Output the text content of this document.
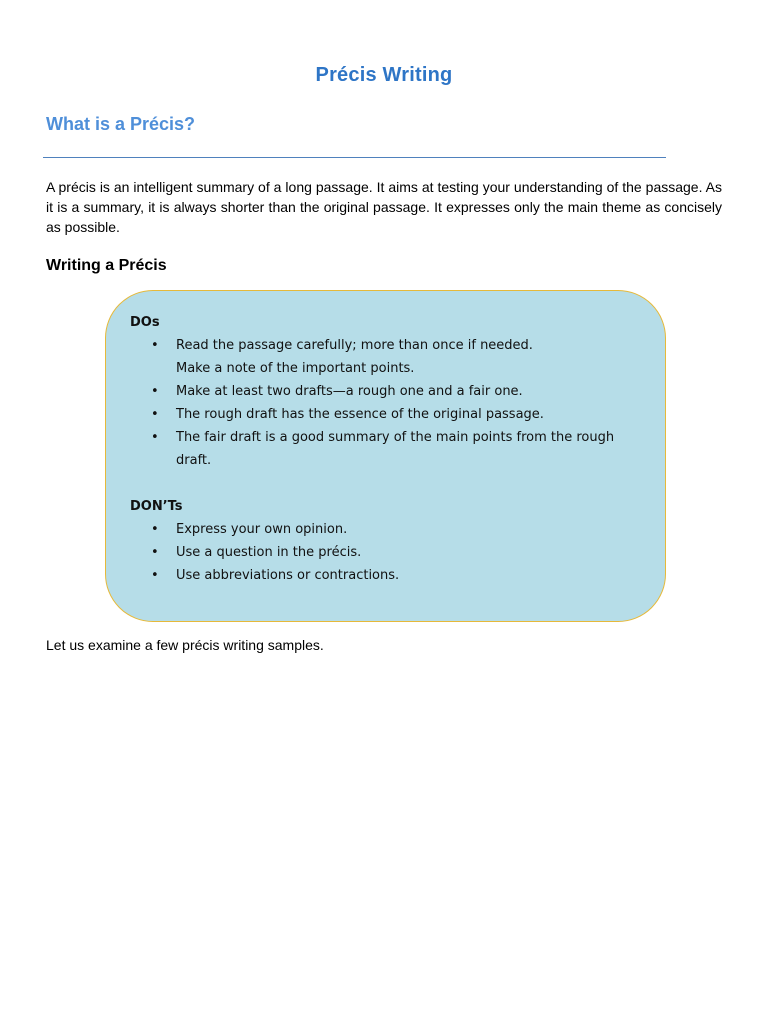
Précis Writing
What is a Précis?

A précis is an intelligent summary of a long passage. It aims at testing your understanding of the passage. As it is a summary, it is always shorter than the original passage. It expresses only the main theme as concisely as possible.

Writing a Précis

DOs

• Read the passage carefully; more than once if needed.
Make a note of the important points.
• Make at least two drafts—a rough one and a fair one.
• The rough draft has the essence of the original passage.
• The fair draft is a good summary of the main points from the rough
draft.

DON’Ts

• Express your own opinion.
• Use a question in the précis.
• Use abbreviations or contractions.

Let us examine a few précis writing samples.
